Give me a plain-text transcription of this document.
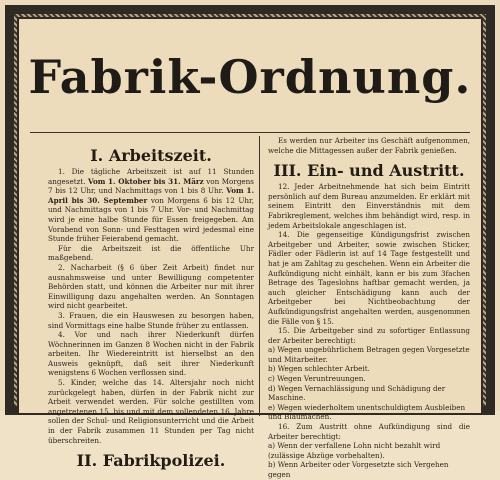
Fabrik-Ordnung.
I. Arbeitszeit.

1. Die tägliche Arbeitszeit ist auf 11 Stunden angesetzt. Vom 1. Oktober bis 31. März von Morgens 7 bis 12 Uhr, und Nachmittags von 1 bis 8 Uhr. Vom 1. April bis 30. September von Morgens 6 bis 12 Uhr, und Nachmittags von 1 bis 7 Uhr. Vor- und Nachmittag wird je eine halbe Stunde für Essen freigegeben. Am Vorabend von Sonn- und Festtagen wird jedesmal eine Stunde früher Feierabend gemacht.

Für die Arbeitszeit ist die öffentliche Uhr maßgebend.

2. Nacharbeit (§ 6 über Zeit Arbeit) findet nur ausnahmsweise und unter Bewilligung competenter Behörden statt, und können die Arbeiter nur mit ihrer Einwilligung dazu angehalten werden. An Sonntagen wird nicht gearbeitet.

3. Frauen, die ein Hauswesen zu besorgen haben, sind Vormittags eine halbe Stunde früher zu entlassen.

4. Vor und nach ihrer Niederkunft dürfen Wöchnerinnen im Ganzen 8 Wochen nicht in der Fabrik arbeiten. Ihr Wiedereintritt ist hierselbst an den Ausweis geknüpft, daß seit ihrer Niederkunft wenigstens 6 Wochen verflossen sind.

5. Kinder, welche das 14. Altersjahr noch nicht zurückgelegt haben, dürfen in der Fabrik nicht zur Arbeit verwendet werden. Für solche gestillten vom angetretenen 15. bis und mit dem vollendeten 16. Jahre sollen der Schul- und Religionsunterricht und die Arbeit in der Fabrik zusammen 11 Stunden per Tag nicht überschreiten.

II. Fabrikpolizei.

Es werden nur Arbeiter ins Geschäft aufgenommen, welche die Mittagessen außer der Fabrik genießen.

III. Ein- und Austritt.

12. Jeder Arbeitnehmende hat sich beim Eintritt persönlich auf dem Bureau anzumelden. Er erklärt mit seinem Eintritt den Einverständnis mit dem Fabrikreglement, welches ihm behändigt wird, resp. in jedem Arbeitslokale angeschlagen ist.

14. Die gegenseitige Kündigungsfrist zwischen Arbeitgeber und Arbeiter, sowie zwischen Sticker, Fädler oder Fädlerin ist auf 14 Tage festgestellt und hat je am Zahltag zu geschehen. Wenn ein Arbeiter die Aufkündigung nicht einhält, kann er bis zum 3fachen Betrage des Tageslohns haftbar gemacht werden, ja auch gleicher Entschädigung kann auch der Arbeitgeber bei Nichtbeobachtung der Aufkündigungsfrist angehalten werden, ausgenommen die Fälle von § 15.

15. Die Arbeitgeber sind zu sofortiger Entlassung der Arbeiter berechtigt:

a) Wegen ungebührlichem Betragen gegen Vorgesetzte und Mitarbeiter.
b) Wegen schlechter Arbeit.
c) Wegen Veruntreuungen.
d) Wegen Vernachlässigung und Schädigung der Maschine.
e) Wegen wiederholtem unentschuldigtem Ausbleiben und Blaumachen.

16. Zum Austritt ohne Aufkündigung sind die Arbeiter berechtigt:

a) Wenn der verfallene Lohn nicht bezahlt wird (zulässige Abzüge vorbehalten).
b) Wenn Arbeiter oder Vorgesetzte sich Vergehen gegen
